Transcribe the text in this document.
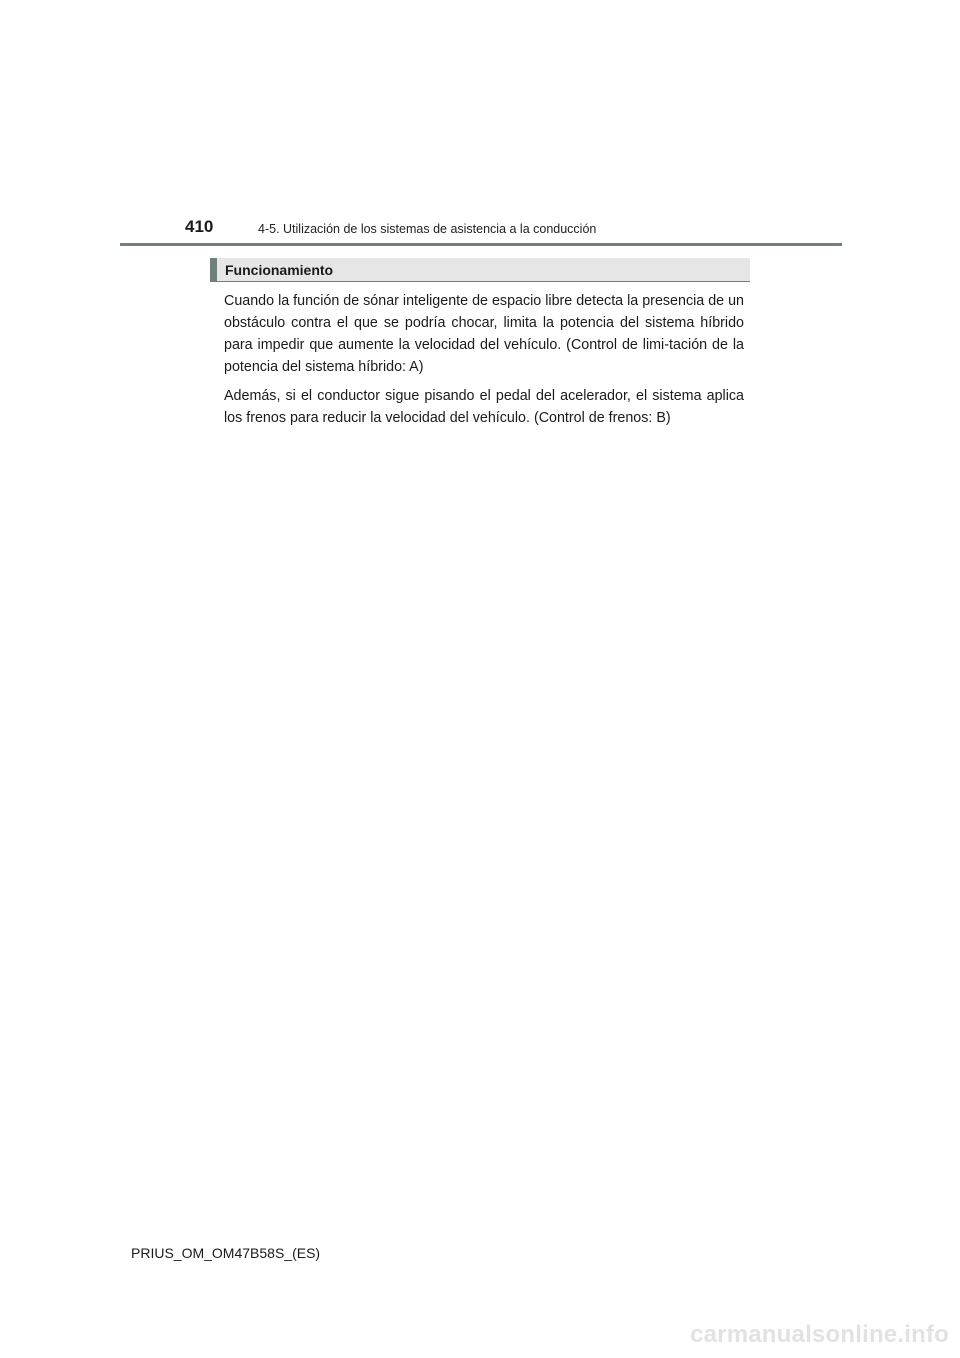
410	4-5. Utilización de los sistemas de asistencia a la conducción
Funcionamiento

Cuando la función de sónar inteligente de espacio libre detecta la presencia de un obstáculo contra el que se podría chocar, limita la potencia del sistema híbrido para impedir que aumente la velocidad del vehículo. (Control de limi-tación de la potencia del sistema híbrido: A)

Además, si el conductor sigue pisando el pedal del acelerador, el sistema aplica los frenos para reducir la velocidad del vehículo. (Control de frenos: B)

PRIUS_OM_OM47B58S_(ES)
carmanualsonline.info
